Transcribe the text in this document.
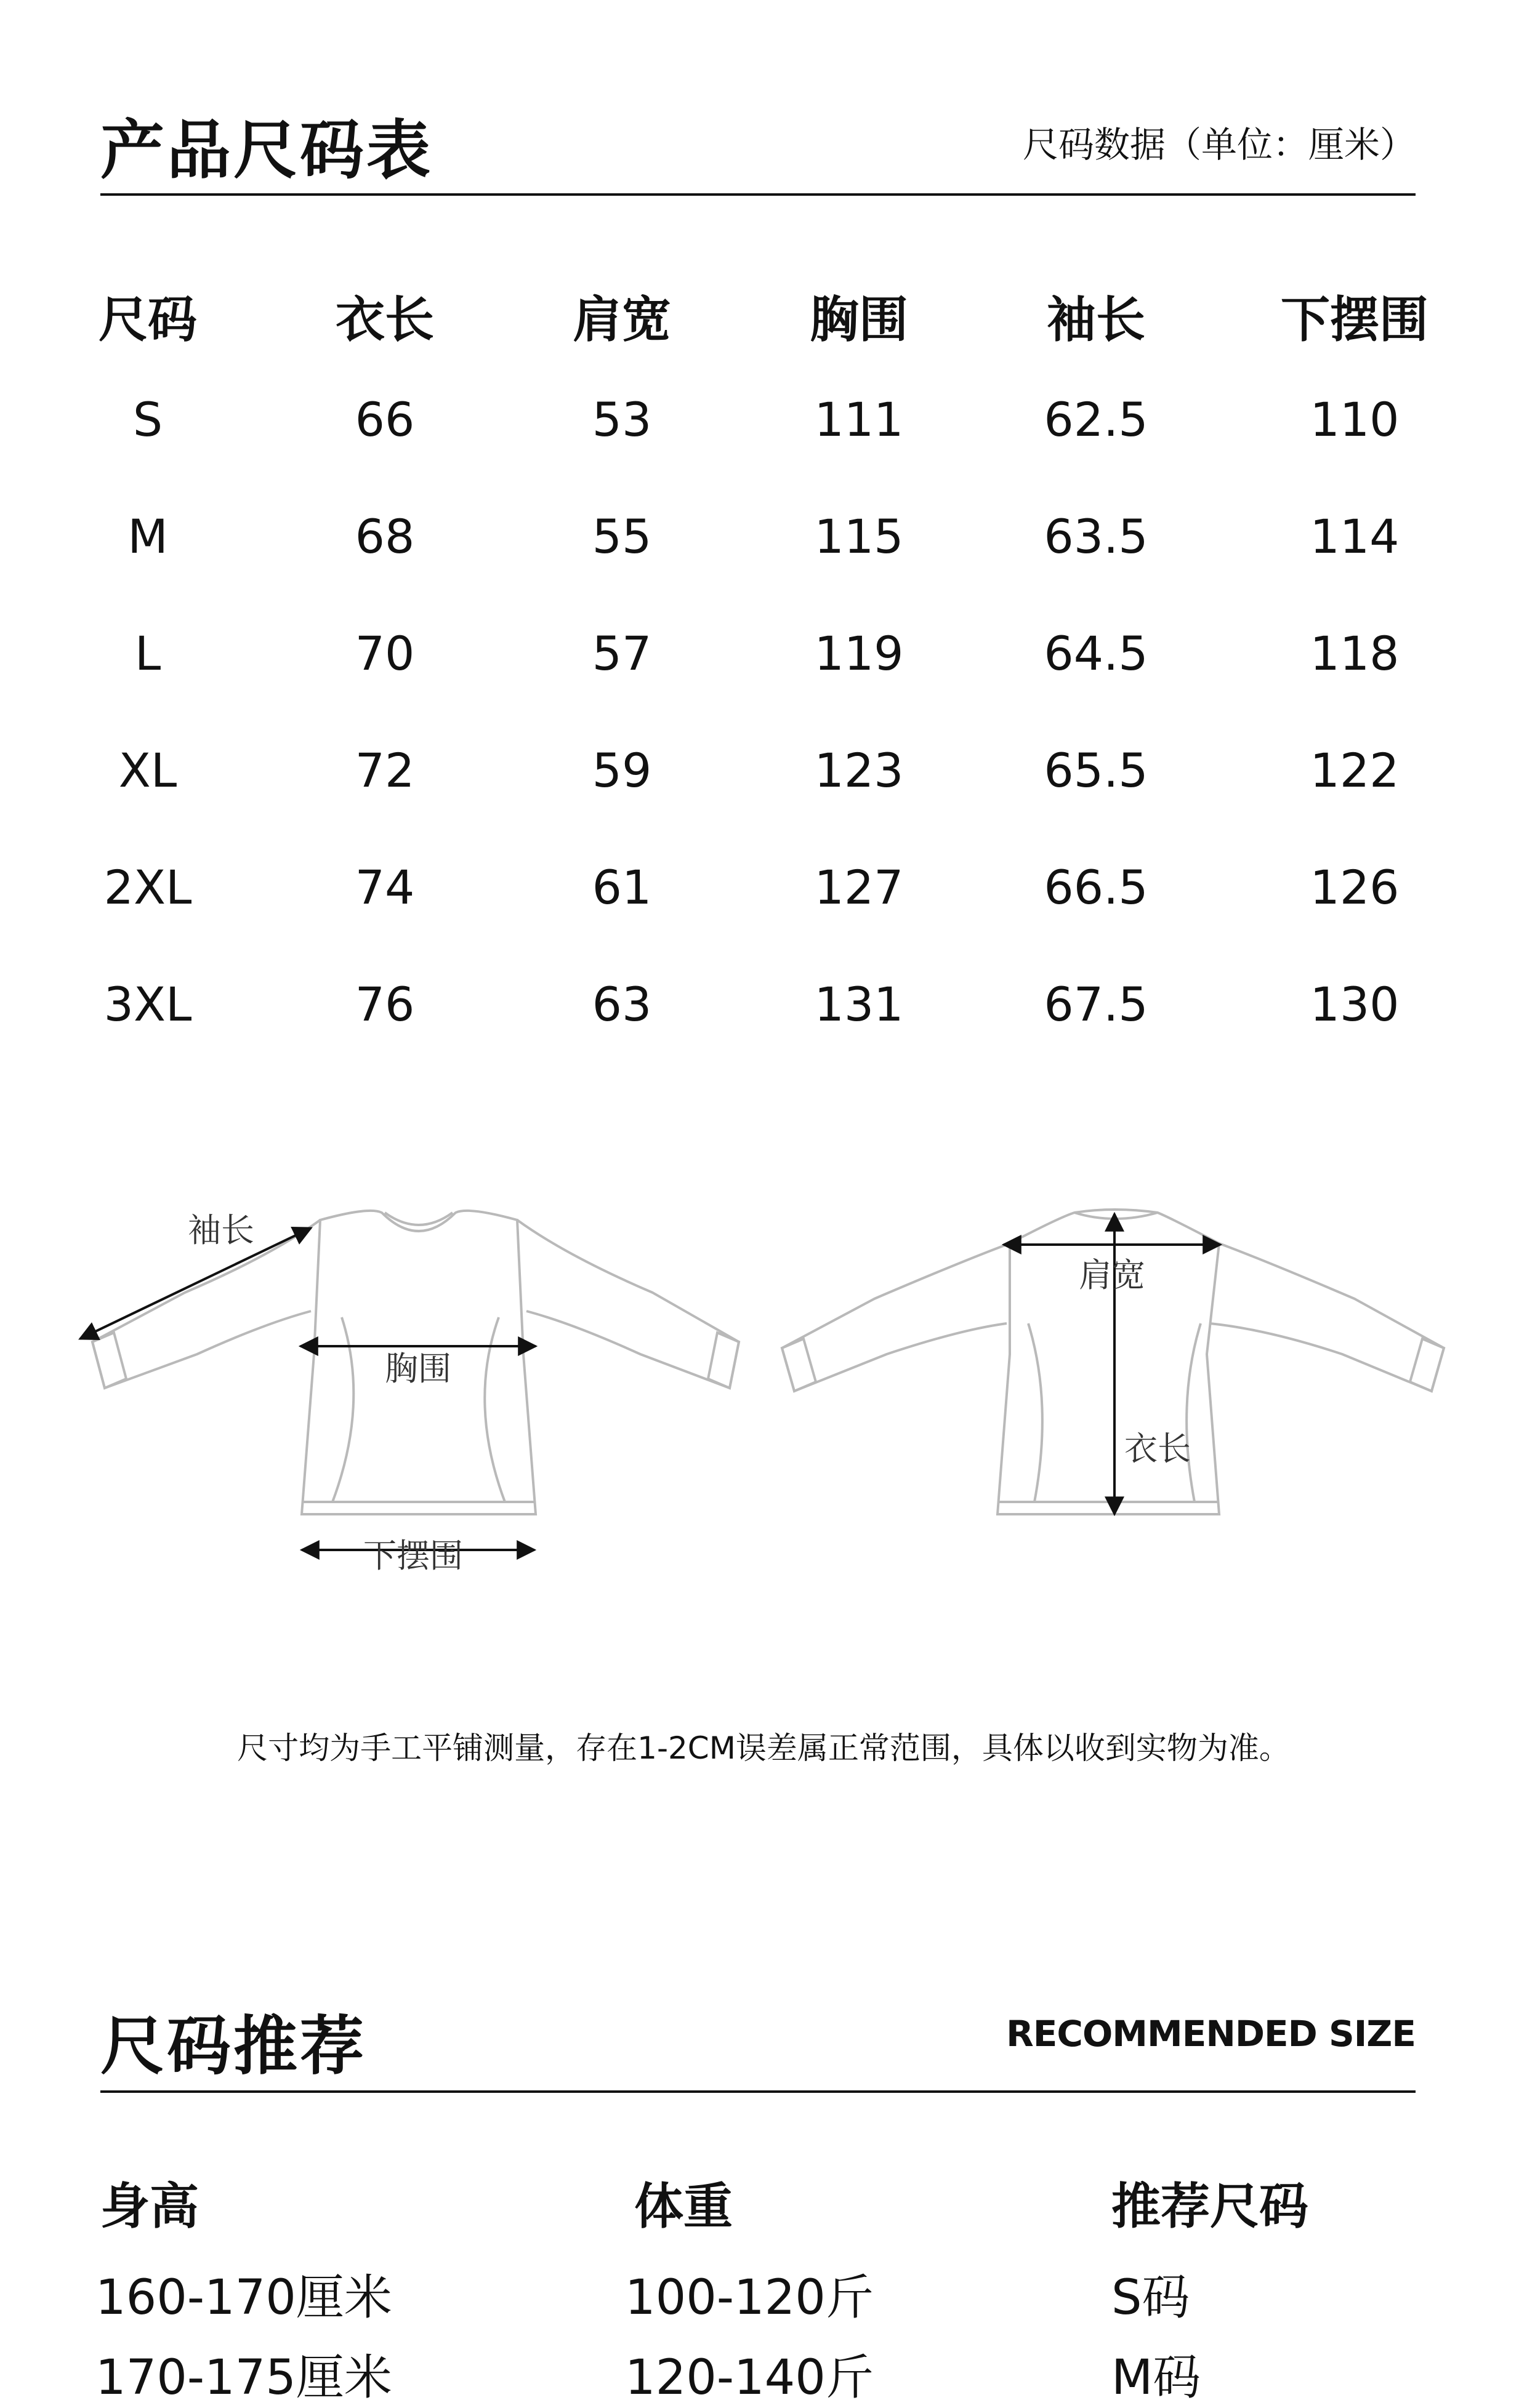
产品尺码表	尺码数据（单位：厘米）
尺码	衣长	肩宽	胸围	袖长	下摆围
S	66	53	111	62.5	110
M	68	55	115	63.5	114
L	70	57	119	64.5	118
XL	72	59	123	65.5	122
2XL	74	61	127	66.5	126
3XL	76	63	131	67.5	130
袖长
胸围
下摆围
肩宽
衣长
尺寸均为手工平铺测量，存在1-2CM误差属正常范围，具体以收到实物为准。
尺码推荐	RECOMMENDED SIZE
身高	体重	推荐尺码
160-170厘米	100-120斤	S码
170-175厘米	120-140斤	M码
